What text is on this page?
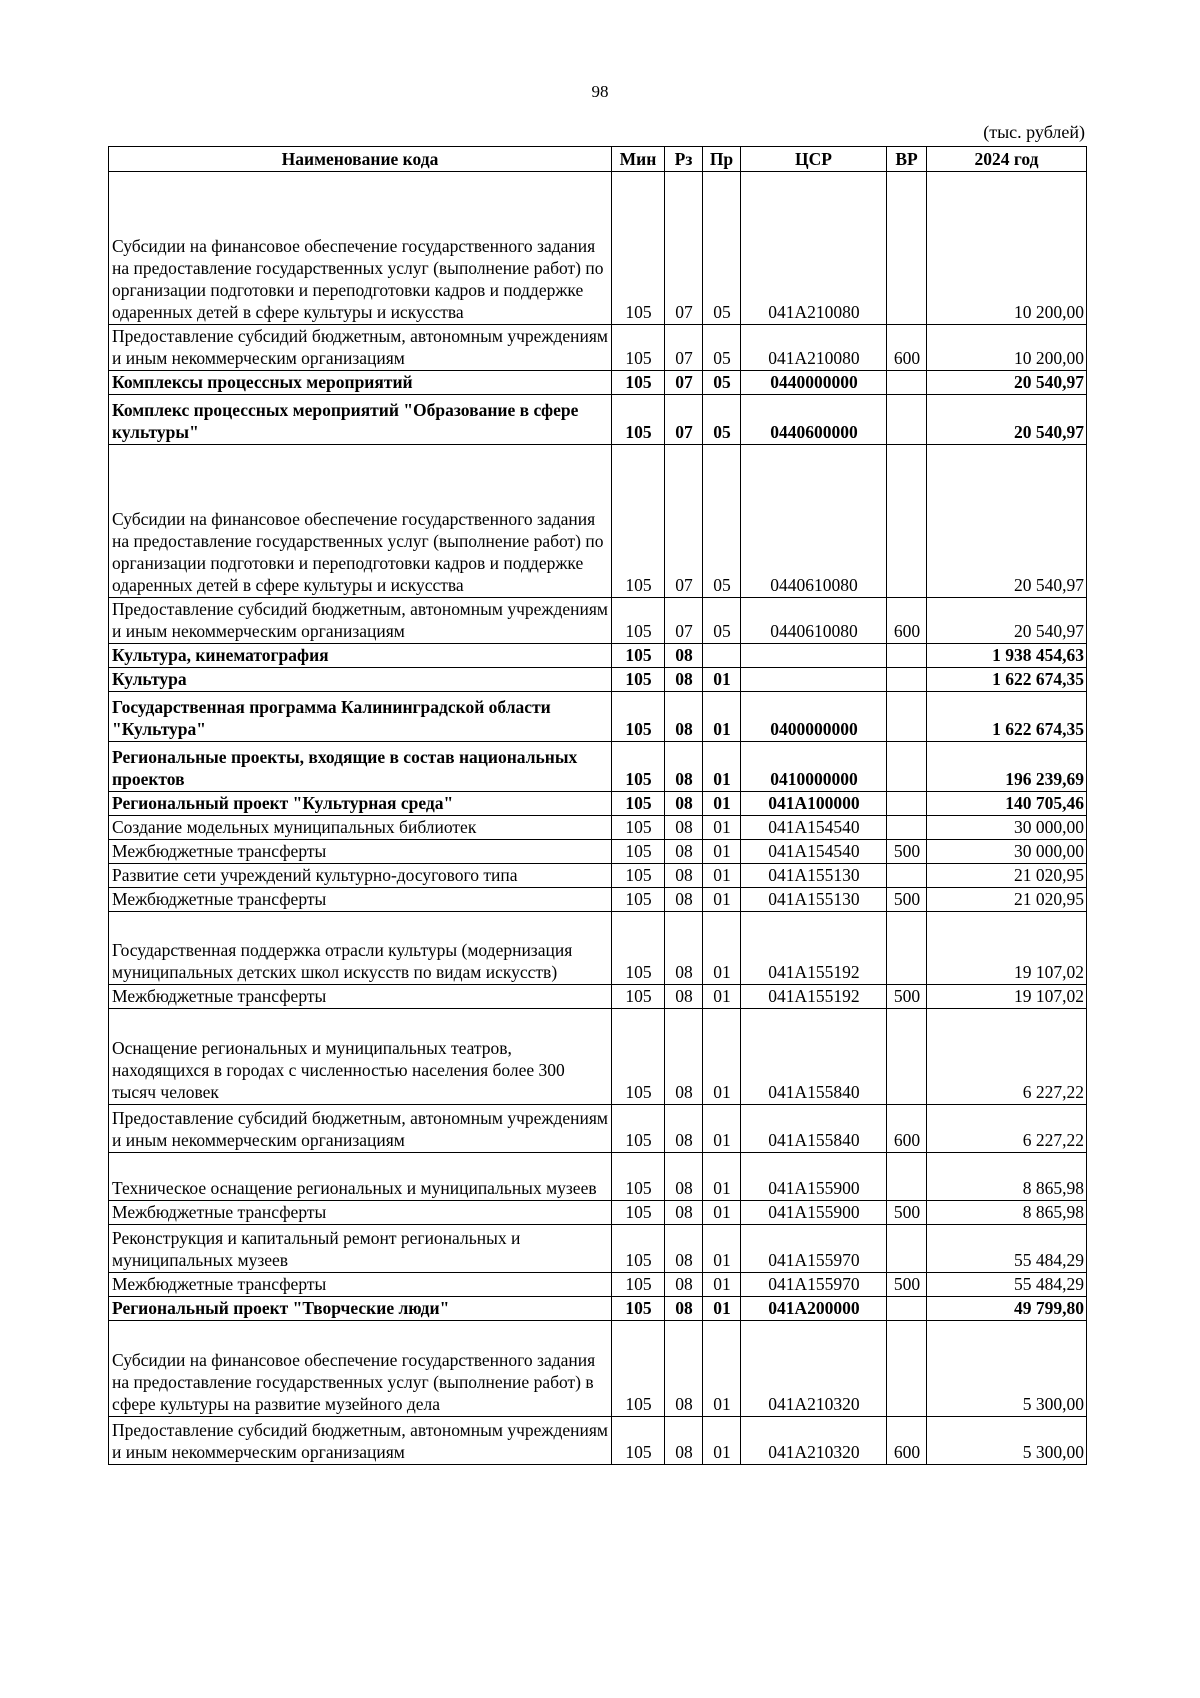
98
(тыс. рублей)
Наименование кода	Мин	Рз	Пр	ЦСР	ВР	2024 год
Субсидии на финансовое обеспечение государственного задания на предоставление государственных услуг (выполнение работ) по организации подготовки и переподготовки кадров и поддержке одаренных детей в сфере культуры и искусства	105	07	05	041А210080		10 200,00
Предоставление субсидий бюджетным, автономным учреждениям и иным некоммерческим организациям	105	07	05	041А210080	600	10 200,00
Комплексы процессных мероприятий	105	07	05	0440000000		20 540,97
Комплекс процессных мероприятий "Образование в сфере культуры"	105	07	05	0440600000		20 540,97
Субсидии на финансовое обеспечение государственного задания на предоставление государственных услуг (выполнение работ) по организации подготовки и переподготовки кадров и поддержке одаренных детей в сфере культуры и искусства	105	07	05	0440610080		20 540,97
Предоставление субсидий бюджетным, автономным учреждениям и иным некоммерческим организациям	105	07	05	0440610080	600	20 540,97
Культура, кинематография	105	08				1 938 454,63
Культура	105	08	01			1 622 674,35
Государственная программа Калининградской области "Культура"	105	08	01	0400000000		1 622 674,35
Региональные проекты, входящие в состав национальных проектов	105	08	01	0410000000		196 239,69
Региональный проект "Культурная среда"	105	08	01	041А100000		140 705,46
Создание модельных муниципальных библиотек	105	08	01	041А154540		30 000,00
Межбюджетные трансферты	105	08	01	041А154540	500	30 000,00
Развитие сети учреждений культурно-досугового типа	105	08	01	041А155130		21 020,95
Межбюджетные трансферты	105	08	01	041А155130	500	21 020,95
Государственная поддержка отрасли культуры (модернизация муниципальных детских школ искусств по видам искусств)	105	08	01	041А155192		19 107,02
Межбюджетные трансферты	105	08	01	041А155192	500	19 107,02
Оснащение региональных и муниципальных театров, находящихся в городах с численностью населения более 300 тысяч человек	105	08	01	041А155840		6 227,22
Предоставление субсидий бюджетным, автономным учреждениям и иным некоммерческим организациям	105	08	01	041А155840	600	6 227,22
Техническое оснащение региональных и муниципальных музеев	105	08	01	041А155900		8 865,98
Межбюджетные трансферты	105	08	01	041А155900	500	8 865,98
Реконструкция и капитальный ремонт региональных и муниципальных музеев	105	08	01	041А155970		55 484,29
Межбюджетные трансферты	105	08	01	041А155970	500	55 484,29
Региональный проект "Творческие люди"	105	08	01	041А200000		49 799,80
Субсидии на финансовое обеспечение государственного задания на предоставление государственных услуг (выполнение работ) в сфере культуры на развитие музейного дела	105	08	01	041А210320		5 300,00
Предоставление субсидий бюджетным, автономным учреждениям и иным некоммерческим организациям	105	08	01	041А210320	600	5 300,00
